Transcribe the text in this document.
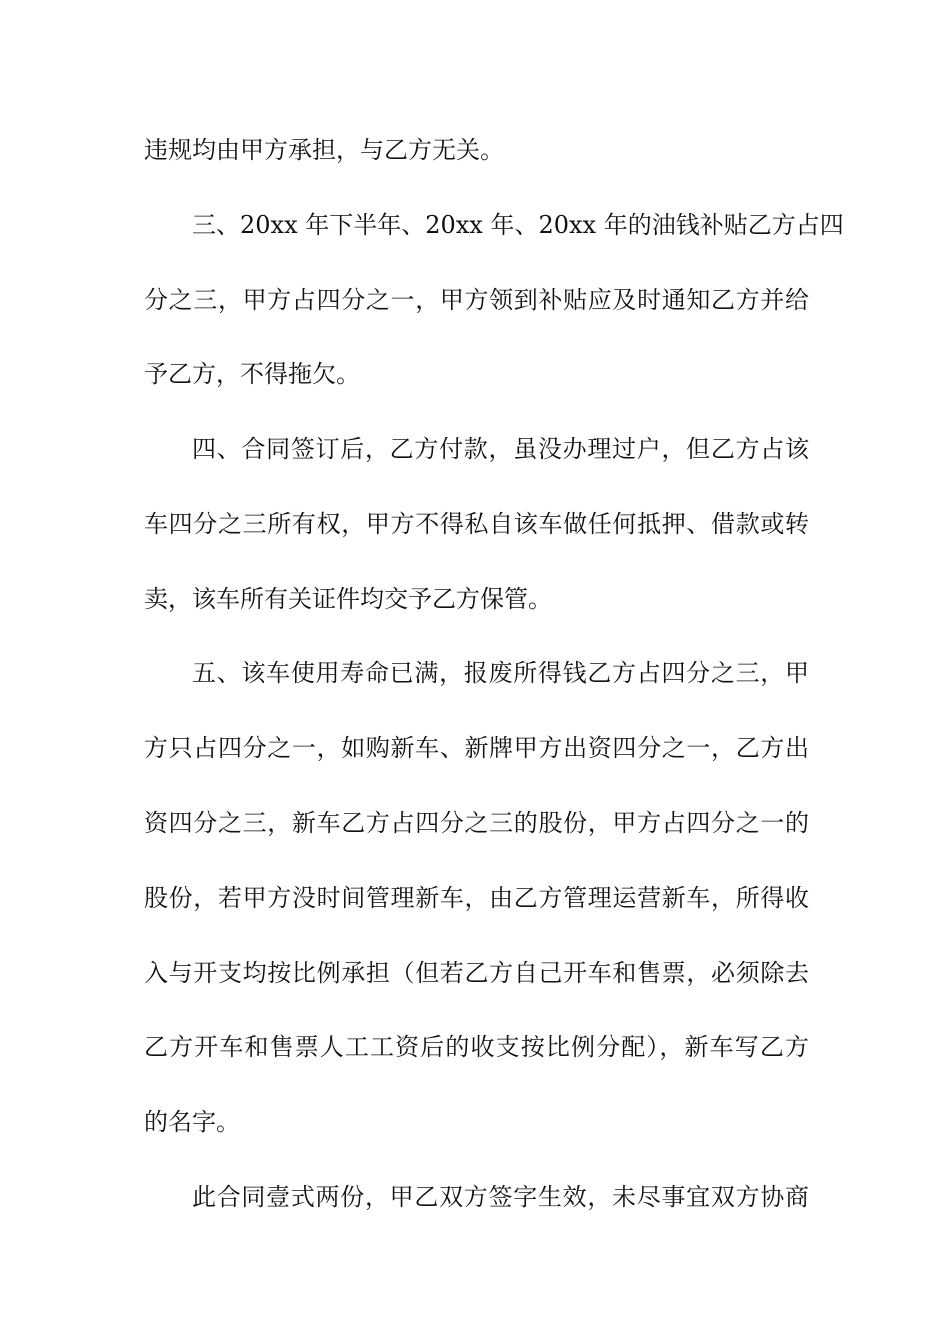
违规均由甲方承担，与乙方无关。
三、20xx 年下半年、20xx 年、20xx 年的油钱补贴乙方占四
分之三，甲方占四分之一，甲方领到补贴应及时通知乙方并给
予乙方，不得拖欠。
四、合同签订后，乙方付款，虽没办理过户，但乙方占该
车四分之三所有权，甲方不得私自该车做任何抵押、借款或转
卖，该车所有关证件均交予乙方保管。
五、该车使用寿命已满，报废所得钱乙方占四分之三，甲
方只占四分之一，如购新车、新牌甲方出资四分之一，乙方出
资四分之三，新车乙方占四分之三的股份，甲方占四分之一的
股份，若甲方没时间管理新车，由乙方管理运营新车，所得收
入与开支均按比例承担（但若乙方自己开车和售票，必须除去
乙方开车和售票人工工资后的收支按比例分配），新车写乙方
的名字。
此合同壹式两份，甲乙双方签字生效，未尽事宜双方协商
